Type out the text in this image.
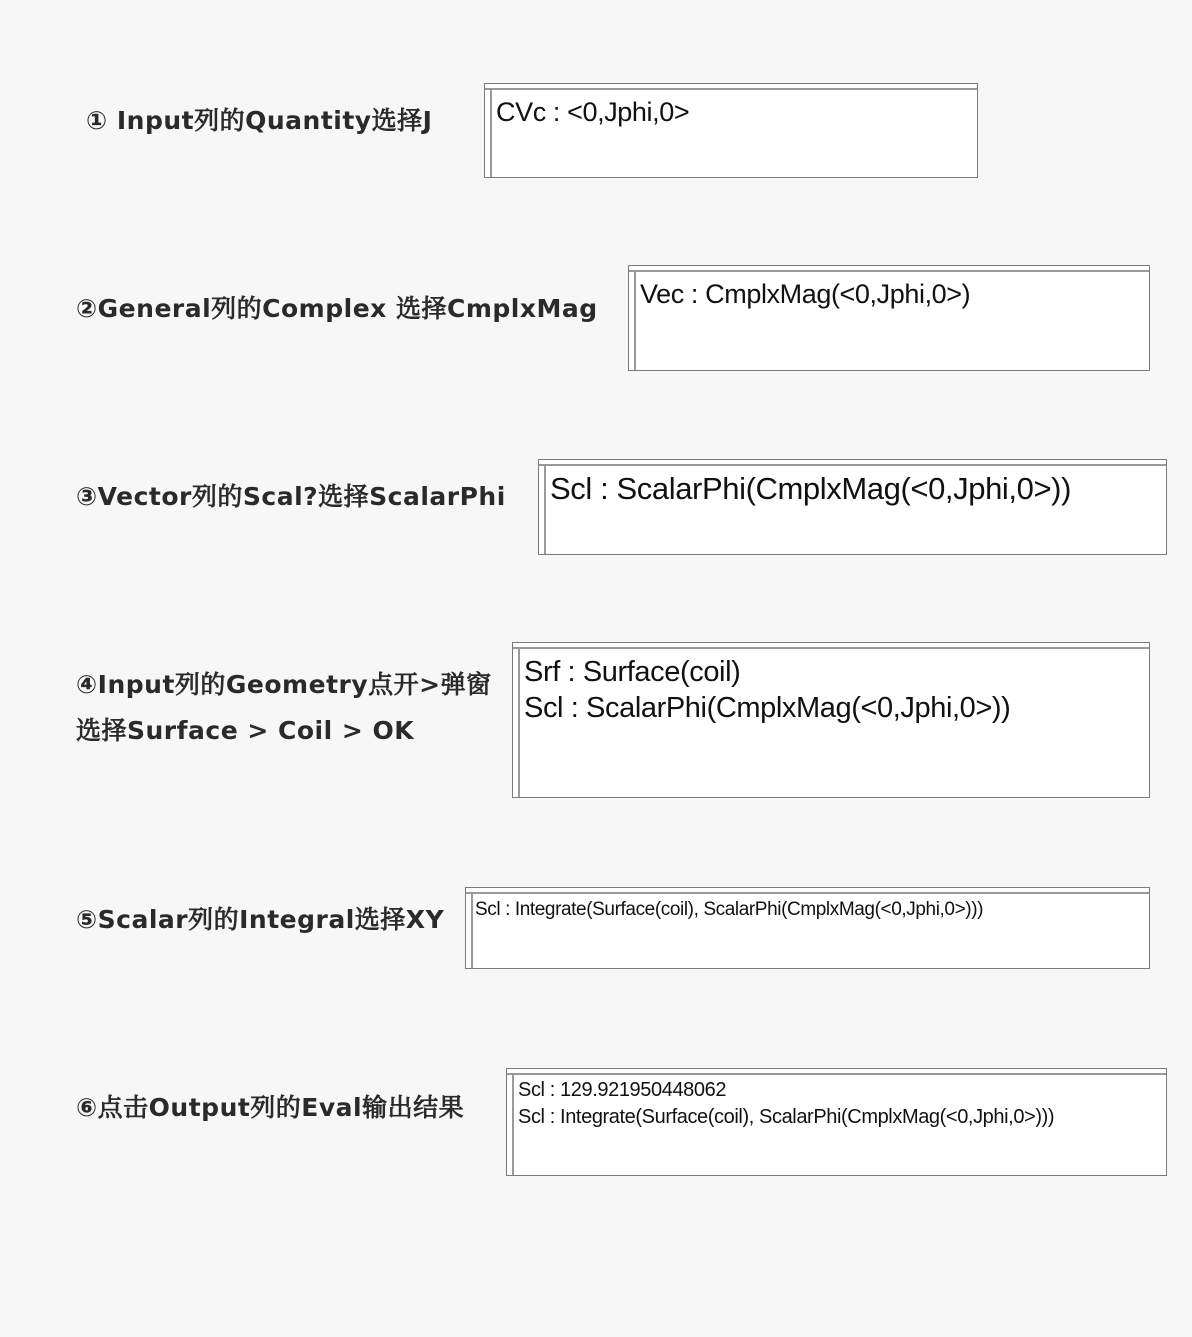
① Input列的Quantity选择J	CVc : <0,Jphi,0>
②General列的Complex 选择CmplxMag	Vec : CmplxMag(<0,Jphi,0>)
③Vector列的Scal?选择ScalarPhi	Scl : ScalarPhi(CmplxMag(<0,Jphi,0>))
④Input列的Geometry点开>弹窗
选择Surface > Coil > OK
Srf : Surface(coil)
Scl : ScalarPhi(CmplxMag(<0,Jphi,0>))
⑤Scalar列的Integral选择XY	Scl : Integrate(Surface(coil), ScalarPhi(CmplxMag(<0,Jphi,0>)))
⑥点击Output列的Eval输出结果
Scl : 129.921950448062
Scl : Integrate(Surface(coil), ScalarPhi(CmplxMag(<0,Jphi,0>)))
